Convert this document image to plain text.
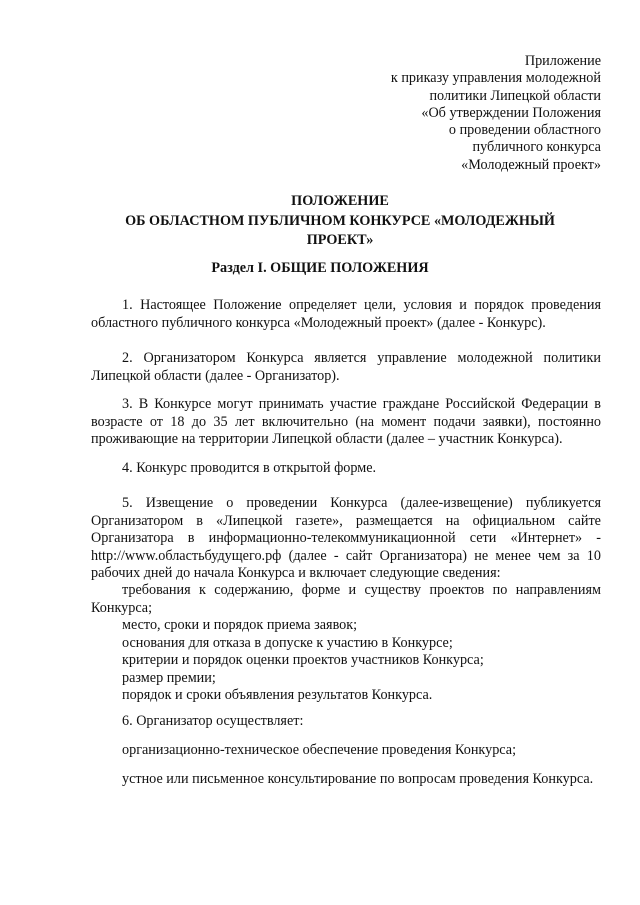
Приложение
к приказу управления молодежной
политики Липецкой области
«Об утверждении Положения
о проведении областного
публичного конкурса
«Молодежный проект»
ПОЛОЖЕНИЕ
ОБ ОБЛАСТНОМ ПУБЛИЧНОМ КОНКУРСЕ «МОЛОДЕЖНЫЙ
ПРОЕКТ»
Раздел I. ОБЩИЕ ПОЛОЖЕНИЯ
1. Настоящее Положение определяет цели, условия и порядок проведения областного публичного конкурса «Молодежный проект» (далее - Конкурс).
2. Организатором Конкурса является управление молодежной политики Липецкой области (далее - Организатор).
3. В Конкурсе могут принимать участие граждане Российской Федерации в возрасте от 18 до 35 лет включительно (на момент подачи заявки), постоянно проживающие на территории Липецкой области (далее – участник Конкурса).
4. Конкурс проводится в открытой форме.
5. Извещение о проведении Конкурса (далее-извещение) публикуется Организатором в «Липецкой газете», размещается на официальном сайте Организатора в информационно-телекоммуникационной сети «Интернет» - http://www.областьбудущего.рф (далее - сайт Организатора) не менее чем за 10 рабочих дней до начала Конкурса и включает следующие сведения:
требования к содержанию, форме и существу проектов по направлениям
Конкурса;
место, сроки и порядок приема заявок;
основания для отказа в допуске к участию в Конкурсе;
критерии и порядок оценки проектов участников Конкурса;
размер премии;
порядок и сроки объявления результатов Конкурса.
6. Организатор осуществляет:
организационно-техническое обеспечение проведения Конкурса;
устное или письменное консультирование по вопросам проведения Конкурса.
